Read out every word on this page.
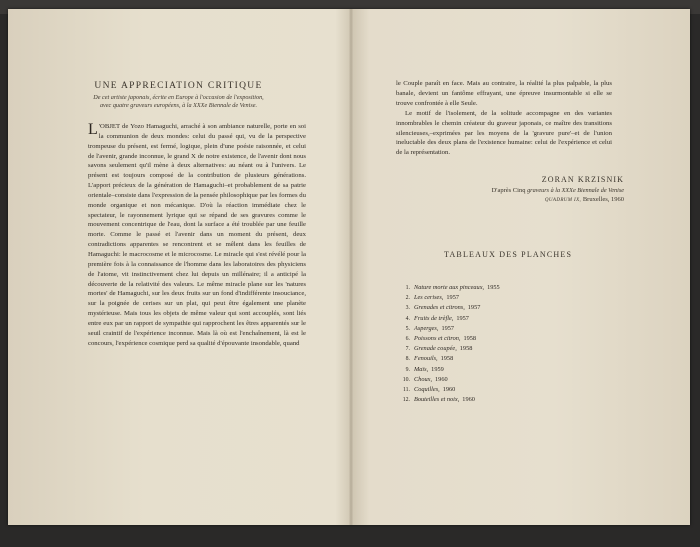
UNE APPRECIATION CRITIQUE
De cet artiste japonais, écrite en Europe à l'occasion de l'exposition,
avec quatre graveurs européens, à la XXXe Biennale de Venise.
L 'OBJET de Yozo Hamaguchi, arraché à son ambiance naturelle, porte en soi la communion de deux mondes: celui du passé qui, vu de la perspective trompeuse du présent, est fermé, logique, plein d'une poésie raisonnée, et celui de l'avenir, grande inconnue, le grand X de notre existence, de l'avenir dont nous savons seulement qu'il mène à deux alternatives: au néant ou à l'univers. Le présent est toujours composé de la contribution de plusieurs générations. L'apport précieux de la génération de Hamaguchi–et probablement de sa patrie orientale–consiste dans l'expression de la pensée philosophique par les formes du monde organique et non mécanique. D'où la réaction immédiate chez le spectateur, le rayonnement lyrique qui se répand de ses gravures comme le mouvement concentrique de l'eau, dont la surface a été troublée par une feuille morte. Comme le passé et l'avenir dans un moment du présent, deux contradictions apparentes se rencontrent et se mêlent dans les feuilles de Hamaguchi: le macrocosme et le microcosme. Le miracle qui s'est révélé pour la première fois à la connaissance de l'homme dans les laboratoires des physiciens de l'atome, vit instinctivement chez lui depuis un millénaire; il a anticipé la découverte de la relativité des valeurs. Le même miracle plane sur les 'natures mortes' de Hamaguchi, sur les deux fruits sur un fond d'indifférente insouciance, sur la poignée de cerises sur un plat, qui peut être également une planète mystérieuse. Mais tous les objets de même valeur qui sont accouplés, sont liés entre eux par un rapport de sympathie qui rapprochent les êtres apparentés sur le seuil craintif de l'expérience inconnue. Mais là où est l'enchaînement, là est le concours, l'expérience cosmique perd sa qualité d'épouvante insondable, quand

le Couple paraît en face. Mais au contraire, la réalité la plus palpable, la plus banale, devient un fantôme effrayant, une épreuve insurmontable si elle se trouve confrontée à elle Seule.

Le motif de l'isolement, de la solitude accompagne en des variantes innombrables le chemin créateur du graveur japonais, ce maître des transitions silencieuses,–exprimées par les moyens de la 'gravure pure'–et de l'union ineluctable des deux plans de l'existence humaine: celui de l'expérience et celui de la représentation.

ZORAN KRZISNIK
D'après Cinq graveurs à la XXXe Biennale de Venise
QUADRUM IX, Bruxelles, 1960
TABLEAUX DES PLANCHES
1. Nature morte aux pinceaux, 1955
2. Les cerises, 1957
3. Grenades et citrons, 1957
4. Fruits de trèfle, 1957
5. Asperges, 1957
6. Poissons et citron, 1958
7. Grenade coupée, 1958
8. Fenouils, 1958
9. Maïs, 1959
10. Choux, 1960
11. Coquilles, 1960
12. Bouteilles et noix, 1960
